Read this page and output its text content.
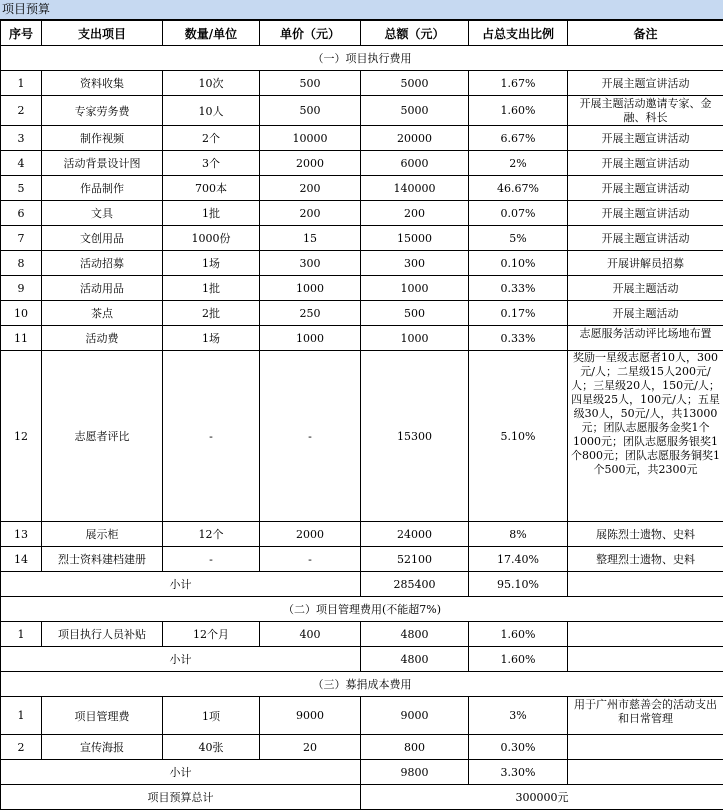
项目预算
序号	支出项目	数量/单位	单价（元）	总额（元）	占总支出比例	备注
（一）项目执行费用						
1	资料收集	10次	500	5000	1.67%	开展主题宣讲活动
2	专家劳务费	10人	500	5000	1.60%	开展主题活动邀请专家、金融、科长
3	制作视频	2个	10000	20000	6.67%	开展主题宣讲活动
4	活动背景设计图	3个	2000	6000	2%	开展主题宣讲活动
5	作品制作	700本	200	140000	46.67%	开展主题宣讲活动
6	文具	1批	200	200	0.07%	开展主题宣讲活动
7	文创用品	1000份	15	15000	5%	开展主题宣讲活动
8	活动招募	1场	300	300	0.10%	开展讲解员招募
9	活动用品	1批	1000	1000	0.33%	开展主题活动
10	茶点	2批	250	500	0.17%	开展主题活动
11	活动费	1场	1000	1000	0.33%	志愿服务活动评比场地布置
12	志愿者评比	-	-	15300	5.10%	奖励一星级志愿者10人，300元/人；二星级15人200元/人；三星级20人，150元/人；四星级25人，100元/人；五星级30人，50元/人，共13000元；团队志愿服务金奖1个1000元；团队志愿服务银奖1个800元；团队志愿服务铜奖1个500元，共2300元
13	展示柜	12个	2000	24000	8%	展陈烈士遗物、史料
14	烈士资料建档建册	-	-	52100	17.40%	整理烈士遗物、史料
小计				285400	95.10%	
（二）项目管理费用(不能超7%)						
1	项目执行人员补贴	12个月	400	4800	1.60%	
小计				4800	1.60%	
（三）募捐成本费用						
1	项目管理费	1项	9000	9000	3%	用于广州市慈善会的活动支出和日常管理
2	宣传海报	40张	20	800	0.30%	
小计				9800	3.30%	
项目预算总计				300000元		
